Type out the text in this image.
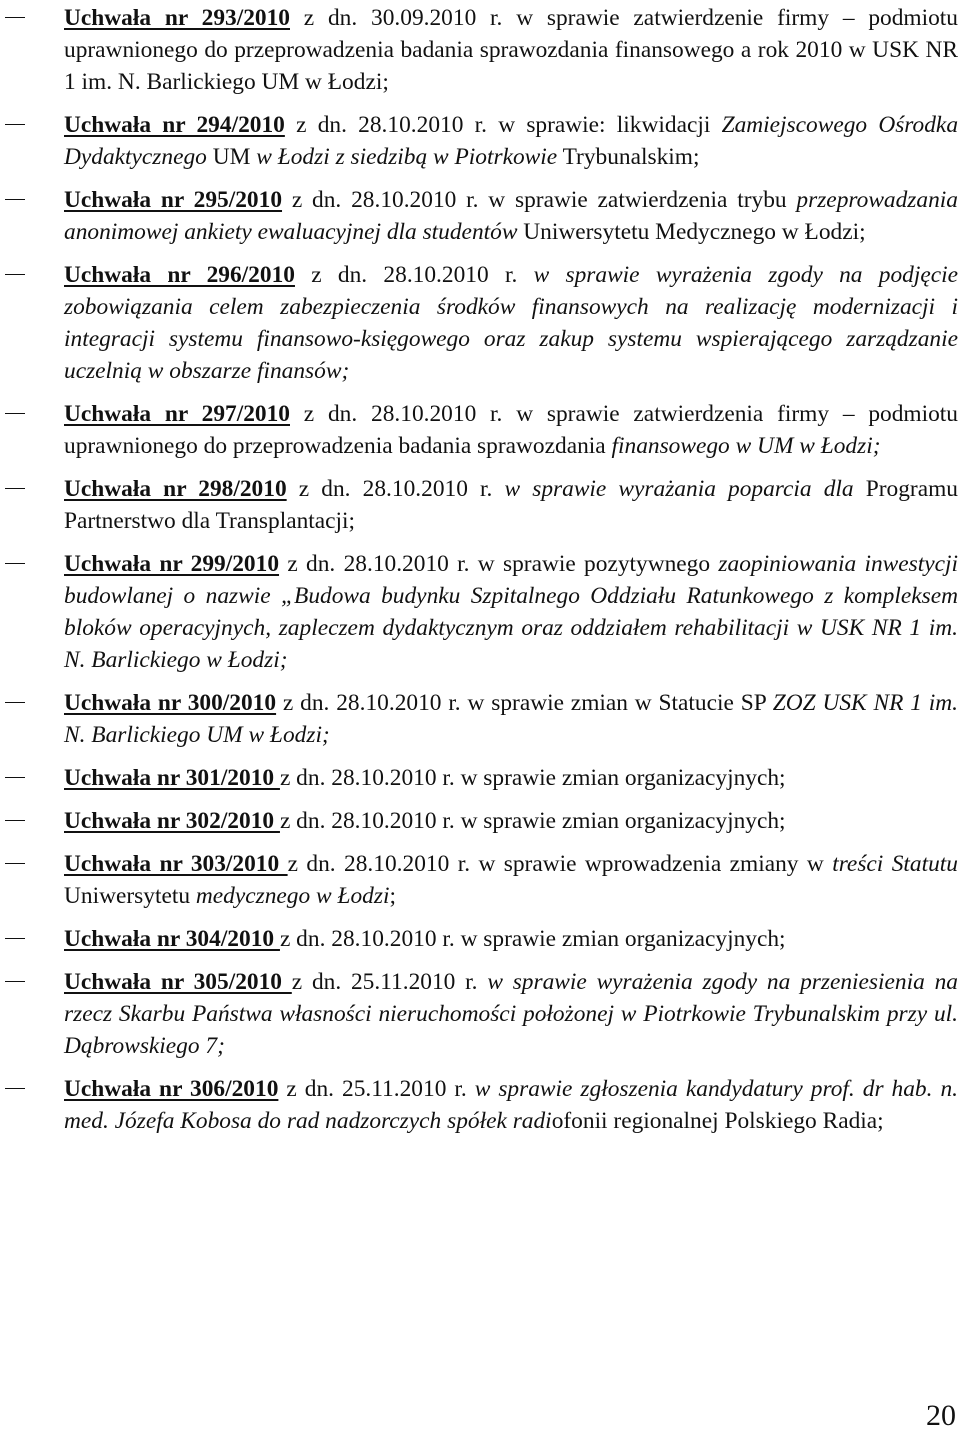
Uchwała nr 293/2010 z dn. 30.09.2010 r. w sprawie zatwierdzenie firmy – podmiotu uprawnionego do przeprowadzenia badania sprawozdania finansowego a rok 2010 w USK NR 1 im. N. Barlickiego UM w Łodzi;
Uchwała nr 294/2010 z dn. 28.10.2010 r. w sprawie: likwidacji Zamiejscowego Ośrodka Dydaktycznego UM w Łodzi z siedzibą w Piotrkowie Trybunalskim;
Uchwała nr 295/2010 z dn. 28.10.2010 r. w sprawie zatwierdzenia trybu przeprowadzania anonimowej ankiety ewaluacyjnej dla studentów Uniwersytetu Medycznego w Łodzi;
Uchwała nr 296/2010 z dn. 28.10.2010 r. w sprawie wyrażenia zgody na podjęcie zobowiązania celem zabezpieczenia środków finansowych na realizację modernizacji i integracji systemu finansowo-księgowego oraz zakup systemu wspierającego zarządzanie uczelnią w obszarze finansów;
Uchwała nr 297/2010 z dn. 28.10.2010 r. w sprawie zatwierdzenia firmy – podmiotu uprawnionego do przeprowadzenia badania sprawozdania finansowego w UM w Łodzi;
Uchwała nr 298/2010 z dn. 28.10.2010 r. w sprawie wyrażania poparcia dla Programu Partnerstwo dla Transplantacji;
Uchwała nr 299/2010 z dn. 28.10.2010 r. w sprawie pozytywnego zaopiniowania inwestycji budowlanej o nazwie „Budowa budynku Szpitalnego Oddziału Ratunkowego z kompleksem bloków operacyjnych, zapleczem dydaktycznym oraz oddziałem rehabilitacji w USK NR 1 im. N. Barlickiego w Łodzi;
Uchwała nr 300/2010 z dn. 28.10.2010 r. w sprawie zmian w Statucie SP ZOZ USK NR 1 im. N. Barlickiego UM w Łodzi;
Uchwała nr 301/2010 z dn. 28.10.2010 r. w sprawie zmian organizacyjnych;
Uchwała nr 302/2010 z dn. 28.10.2010 r. w sprawie zmian organizacyjnych;
Uchwała nr 303/2010 z dn. 28.10.2010 r. w sprawie wprowadzenia zmiany w treści Statutu Uniwersytetu medycznego w Łodzi;
Uchwała nr 304/2010 z dn. 28.10.2010 r. w sprawie zmian organizacyjnych;
Uchwała nr 305/2010 z dn. 25.11.2010 r. w sprawie wyrażenia zgody na przeniesienia na rzecz Skarbu Państwa własności nieruchomości położonej w Piotrkowie Trybunalskim przy ul. Dąbrowskiego 7;
Uchwała nr 306/2010 z dn. 25.11.2010 r. w sprawie zgłoszenia kandydatury prof. dr hab. n. med. Józefa Kobosa do rad nadzorczych spółek radiofonii regionalnej Polskiego Radia;
20
